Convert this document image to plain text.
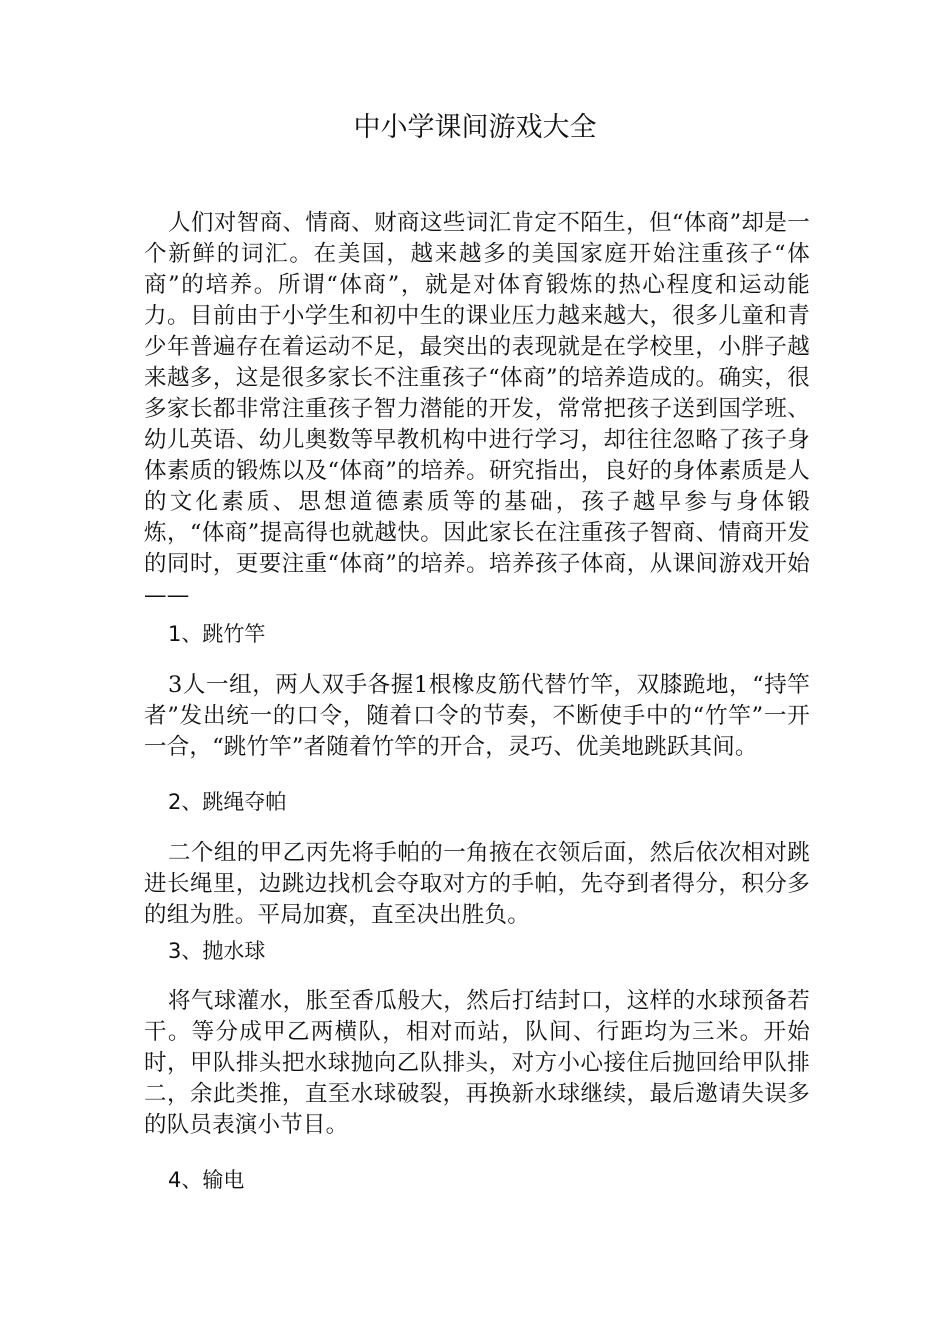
中小学课间游戏大全

人们对智商、情商、财商这些词汇肯定不陌生，但“体商”却是一个新鲜的词汇。在美国，越来越多的美国家庭开始注重孩子“体商”的培养。所谓“体商”，就是对体育锻炼的热心程度和运动能力。目前由于小学生和初中生的课业压力越来越大，很多儿童和青少年普遍存在着运动不足，最突出的表现就是在学校里，小胖子越来越多，这是很多家长不注重孩子“体商”的培养造成的。确实，很多家长都非常注重孩子智力潜能的开发，常常把孩子送到国学班、幼儿英语、幼儿奥数等早教机构中进行学习，却往往忽略了孩子身体素质的锻炼以及“体商”的培养。研究指出，良好的身体素质是人的文化素质、思想道德素质等的基础，孩子越早参与身体锻炼，“体商”提高得也就越快。因此家长在注重孩子智商、情商开发的同时，更要注重“体商”的培养。培养孩子体商，从课间游戏开始——

1、跳竹竿

3人一组，两人双手各握1根橡皮筋代替竹竿，双膝跪地，“持竿者”发出统一的口令，随着口令的节奏，不断使手中的“竹竿”一开一合，“跳竹竿”者随着竹竿的开合，灵巧、优美地跳跃其间。

2、跳绳夺帕

二个组的甲乙丙先将手帕的一角掖在衣领后面，然后依次相对跳进长绳里，边跳边找机会夺取对方的手帕，先夺到者得分，积分多的组为胜。平局加赛，直至决出胜负。

3、抛水球

将气球灌水，胀至香瓜般大，然后打结封口，这样的水球预备若干。等分成甲乙两横队，相对而站，队间、行距均为三米。开始时，甲队排头把水球抛向乙队排头，对方小心接住后抛回给甲队排二，余此类推，直至水球破裂，再换新水球继续，最后邀请失误多的队员表演小节目。

4、输电
